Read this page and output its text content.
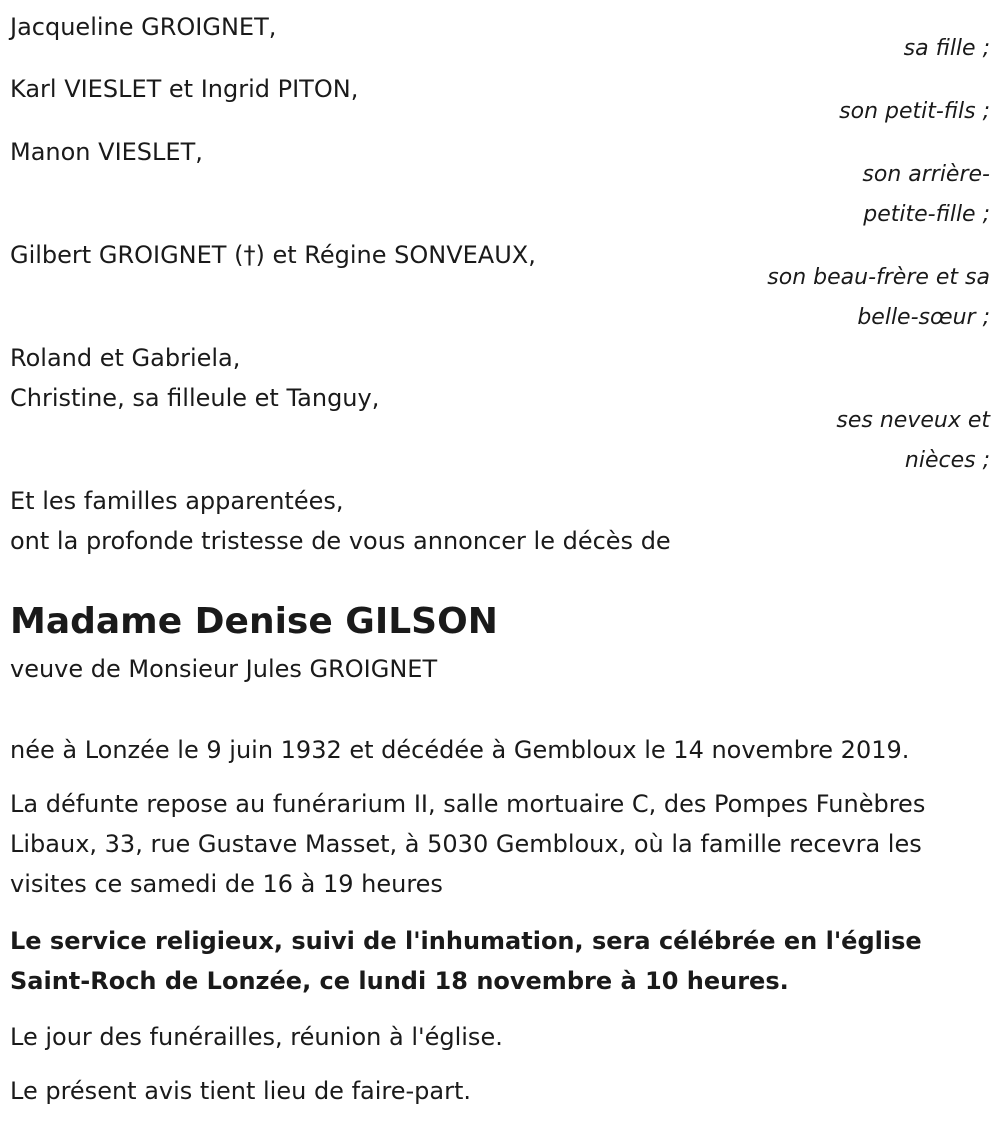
Jacqueline GROIGNET,
sa fille ;
Karl VIESLET et Ingrid PITON,
son petit-fils ;
Manon VIESLET,
son arrière-
petite-fille ;
Gilbert GROIGNET (†) et Régine SONVEAUX,
son beau-frère et sa
belle-sœur ;
Roland et Gabriela,
Christine, sa filleule et Tanguy,
ses neveux et
nièces ;
Et les familles apparentées,
ont la profonde tristesse de vous annoncer le décès de
Madame Denise GILSON
veuve de Monsieur Jules GROIGNET
née à Lonzée le 9 juin 1932 et décédée à Gembloux le 14 novembre 2019.
La défunte repose au funérarium II, salle mortuaire C, des Pompes Funèbres Libaux, 33, rue Gustave Masset, à 5030 Gembloux, où la famille recevra les visites ce samedi de 16 à 19 heures
Le service religieux, suivi de l'inhumation, sera célébrée en l'église Saint-Roch de Lonzée, ce lundi 18 novembre à 10 heures.
Le jour des funérailles, réunion à l'église.
Le présent avis tient lieu de faire-part.
